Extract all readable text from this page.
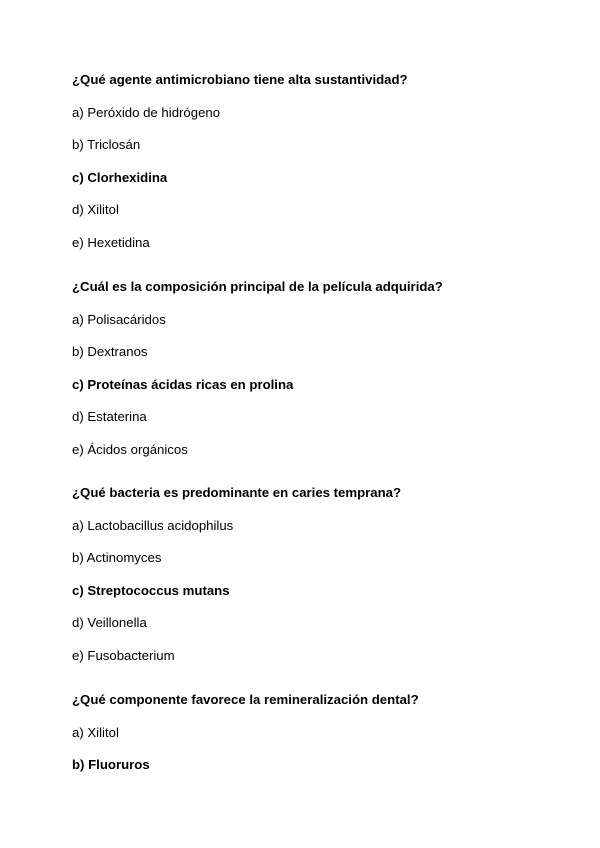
¿Qué agente antimicrobiano tiene alta sustantividad?

a) Peróxido de hidrógeno
b) Triclosán
c) Clorhexidina
d) Xilitol
e) Hexetidina

¿Cuál es la composición principal de la película adquirida?

a) Polisacáridos
b) Dextranos
c) Proteínas ácidas ricas en prolina
d) Estaterina
e) Ácidos orgánicos

¿Qué bacteria es predominante en caries temprana?

a) Lactobacillus acidophilus
b) Actinomyces
c) Streptococcus mutans
d) Veillonella
e) Fusobacterium

¿Qué componente favorece la remineralización dental?

a) Xilitol
b) Fluoruros
